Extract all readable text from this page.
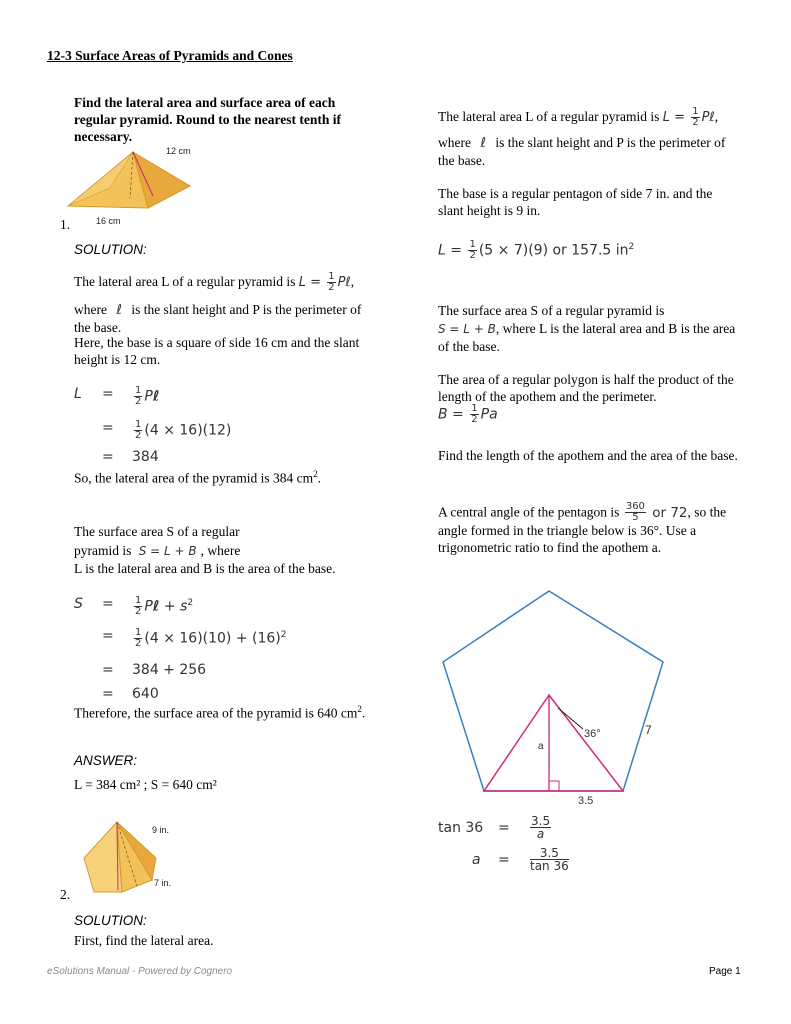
12-3 Surface Areas of Pyramids and Cones
Find the lateral area and surface area of each regular pyramid. Round to the nearest tenth if necessary.
12 cm
16 cm
1.
SOLUTION:
The lateral area L of a regular pyramid is $L = \frac{1}{2}$ Pℓ,
where ℓ is the slant height and P is the perimeter of the base.
Here, the base is a square of side 16 cm and the slant height is 12 cm.
L	= $\frac{1}{2}$ Pℓ
= $\frac{1}{2} (4 \times 16)(12)$
= 384
So, the lateral area of the pyramid is 384 $cm^2$.
The surface area S of a regular
pyramid is S = L + B , where
L is the lateral area and B is the area of the base.
S	= $\frac{1}{2}$ Pℓ + $s^2$
= $\frac{1}{2} (4 \times 16)(10) + (16)^2$
= 384 + 256
= 640
Therefore, the surface area of the pyramid is 640 $cm^2$.
ANSWER:
L = 384 cm² ; S = 640 cm²
9 in.
7 in.
2.
SOLUTION:
First, find the lateral area.
The lateral area L of a regular pyramid is $L = \frac{1}{2}$ Pℓ,
where ℓ is the slant height and P is the perimeter of the base.
The base is a regular pentagon of side 7 in. and the slant height is 9 in.
$L = \frac{1}{2} (5 \times 7)(9)$ or 157.5 $in^2$
The surface area S of a regular pyramid is
S = L + B, where L is the lateral area and B is the area of the base.
The area of a regular polygon is half the product of the length of the apothem and the perimeter.
$B = \frac{1}{2}$ Pa
Find the length of the apothem and the area of the base.
A central angle of the pentagon is $\frac{360}{5}$ or 72, so the
angle formed in the triangle below is 36°. Use a trigonometric ratio to find the apothem a.
36°	7
3.5
a
$\tan 36 = \frac{3.5}{a}$
$a = \frac{3.5}{\tan 36}$
eSolutions Manual - Powered by Cognero	Page 1
